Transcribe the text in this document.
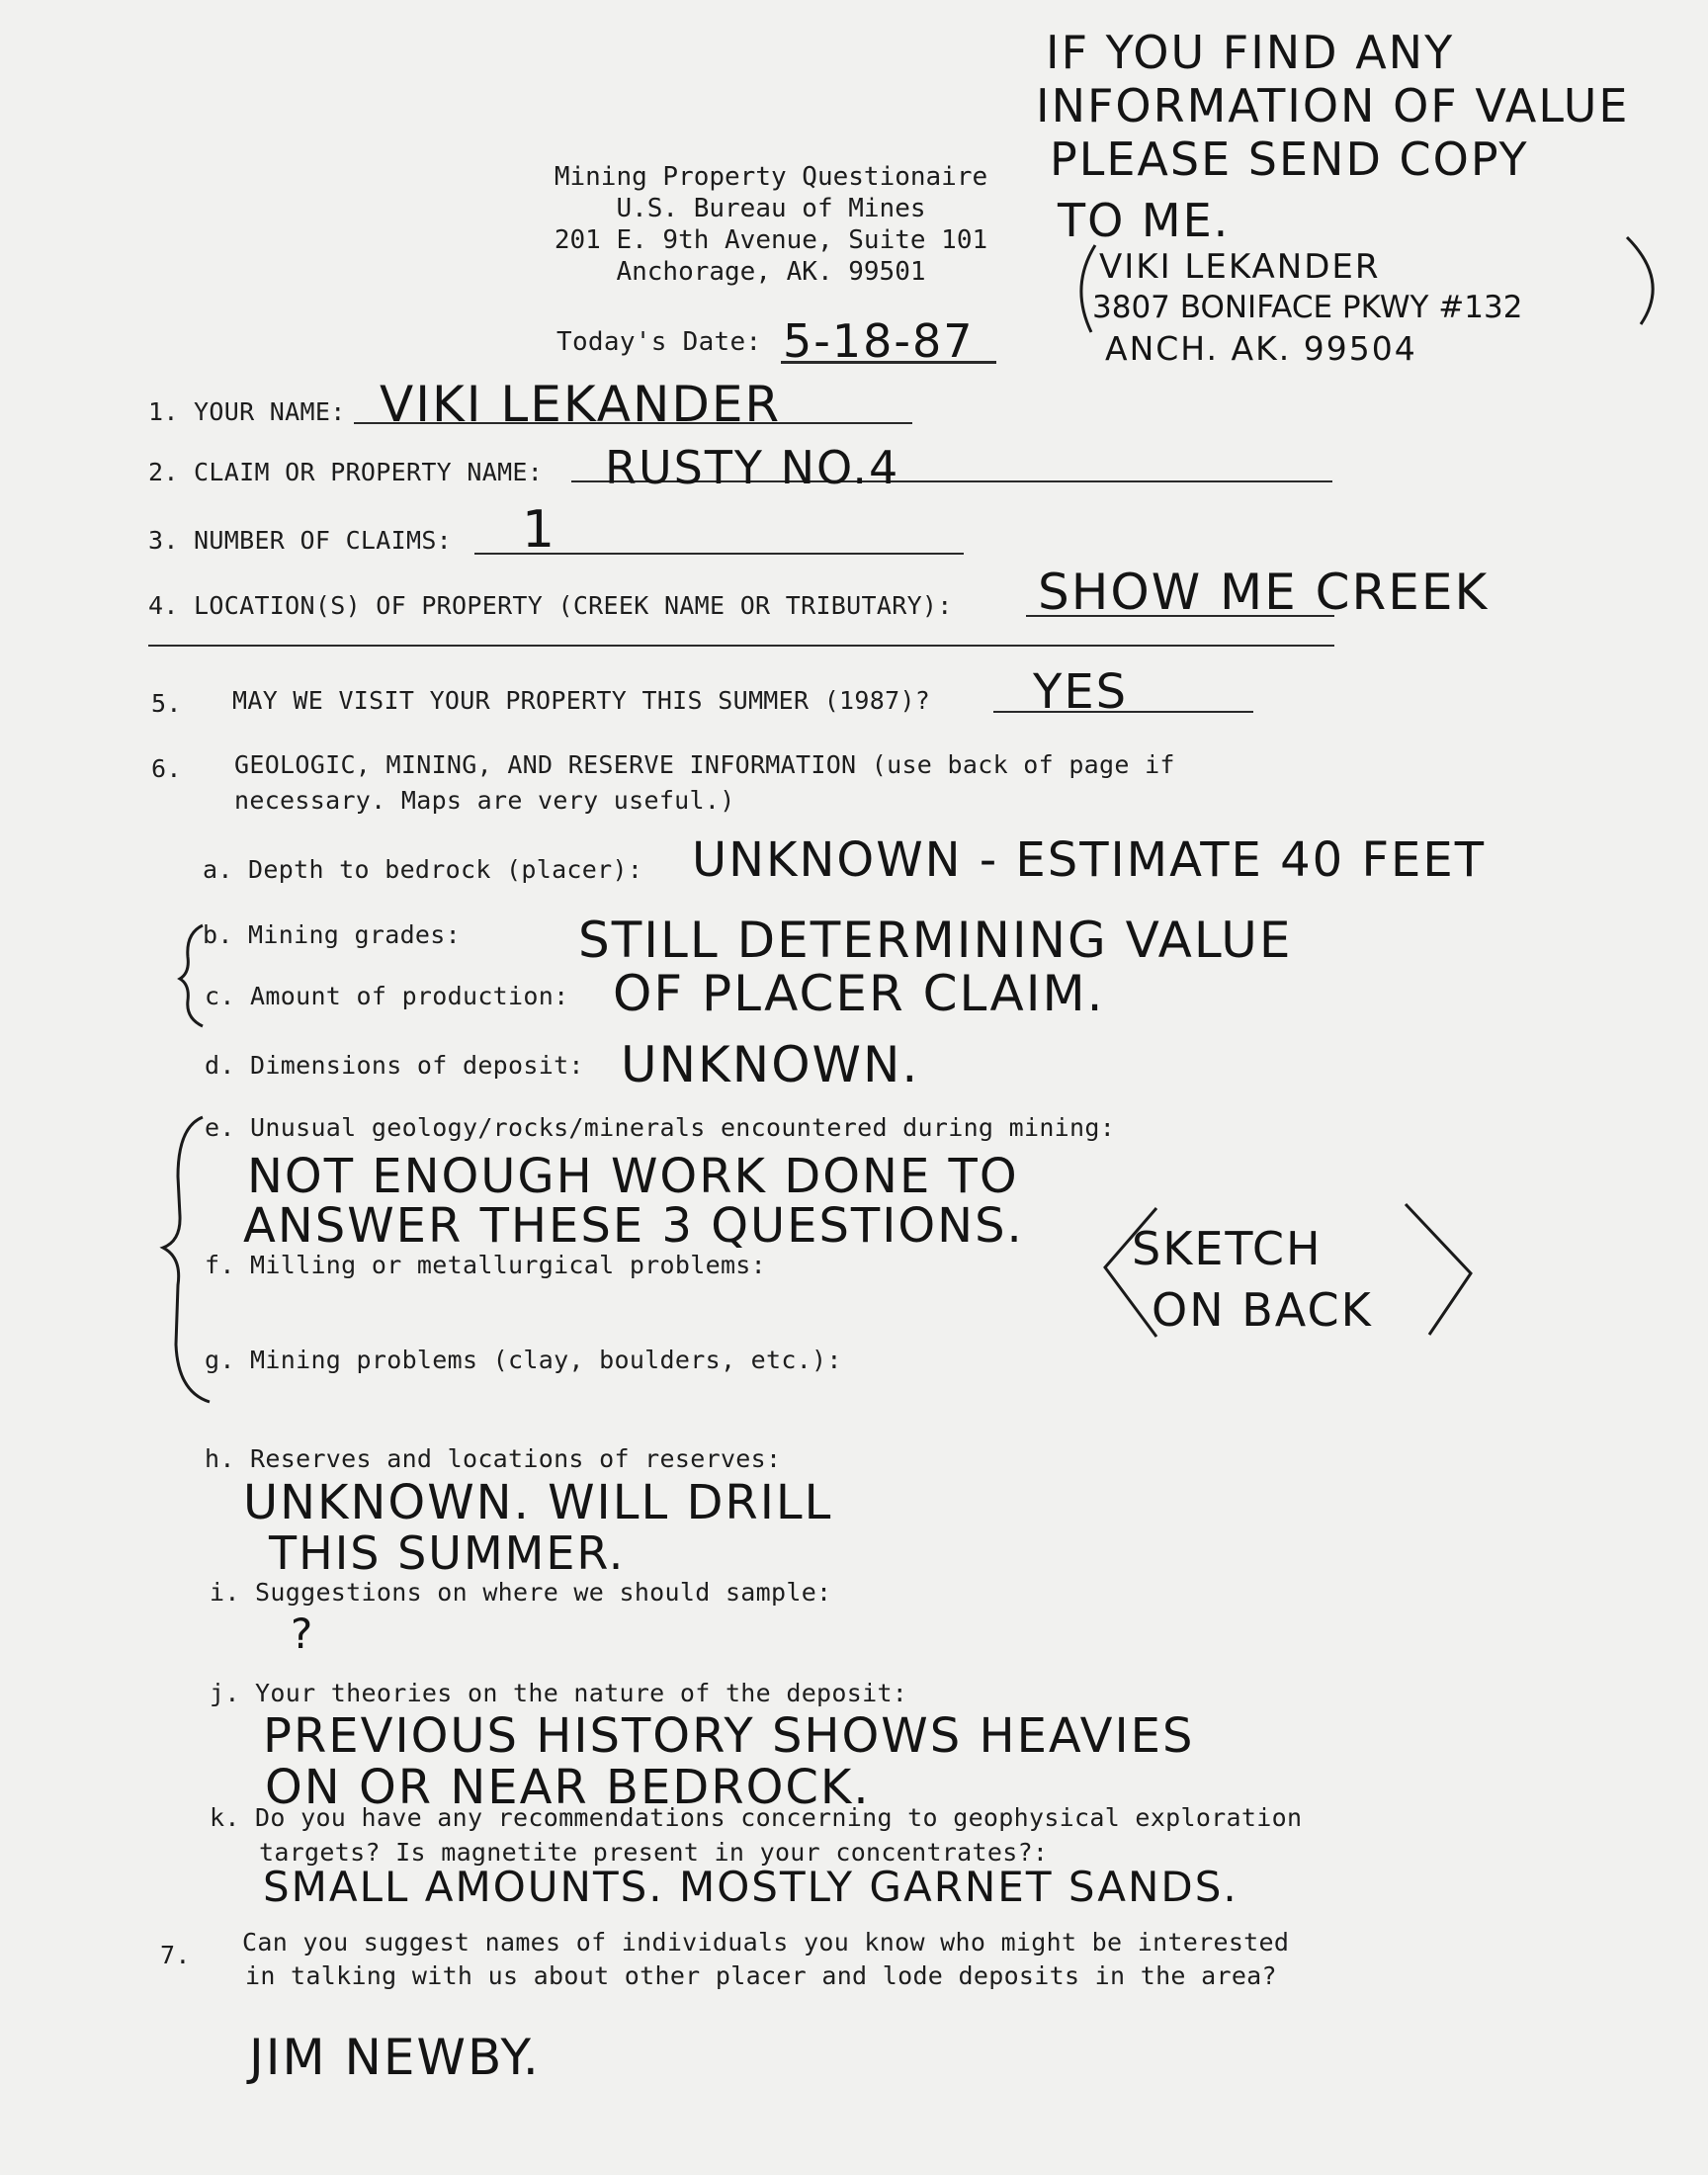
Mining Property Questionaire
U.S. Bureau of Mines
201 E. 9th Avenue, Suite 101
Anchorage, AK. 99501
Today's Date: 5-18-87
IF YOU FIND ANY
INFORMATION OF VALUE
PLEASE SEND COPY
TO ME.
VIKI LEKANDER
3807 BONIFACE PKWY #132
ANCH. AK. 99504
1. YOUR NAME: VIKI LEKANDER
2. CLAIM OR PROPERTY NAME: RUSTY NO.4
3. NUMBER OF CLAIMS: 1
4. LOCATION(S) OF PROPERTY (CREEK NAME OR TRIBUTARY): SHOW ME CREEK
5. MAY WE VISIT YOUR PROPERTY THIS SUMMER (1987)? YES
6. GEOLOGIC, MINING, AND RESERVE INFORMATION (use back of page if
necessary. Maps are very useful.)
a. Depth to bedrock (placer): UNKNOWN - ESTIMATE 40 FEET
b. Mining grades: STILL DETERMINING VALUE
c. Amount of production: OF PLACER CLAIM.
d. Dimensions of deposit: UNKNOWN.
e. Unusual geology/rocks/minerals encountered during mining:
NOT ENOUGH WORK DONE TO
ANSWER THESE 3 QUESTIONS.
f. Milling or metallurgical problems:	SKETCH
ON BACK
g. Mining problems (clay, boulders, etc.):
h. Reserves and locations of reserves:
UNKNOWN. WILL DRILL
THIS SUMMER.
i. Suggestions on where we should sample:
?
j. Your theories on the nature of the deposit:
PREVIOUS HISTORY SHOWS HEAVIES
ON OR NEAR BEDROCK.
k. Do you have any recommendations concerning to geophysical exploration
targets? Is magnetite present in your concentrates?:
SMALL AMOUNTS. MOSTLY GARNET SANDS.
7. Can you suggest names of individuals you know who might be interested
in talking with us about other placer and lode deposits in the area?
JIM NEWBY.
